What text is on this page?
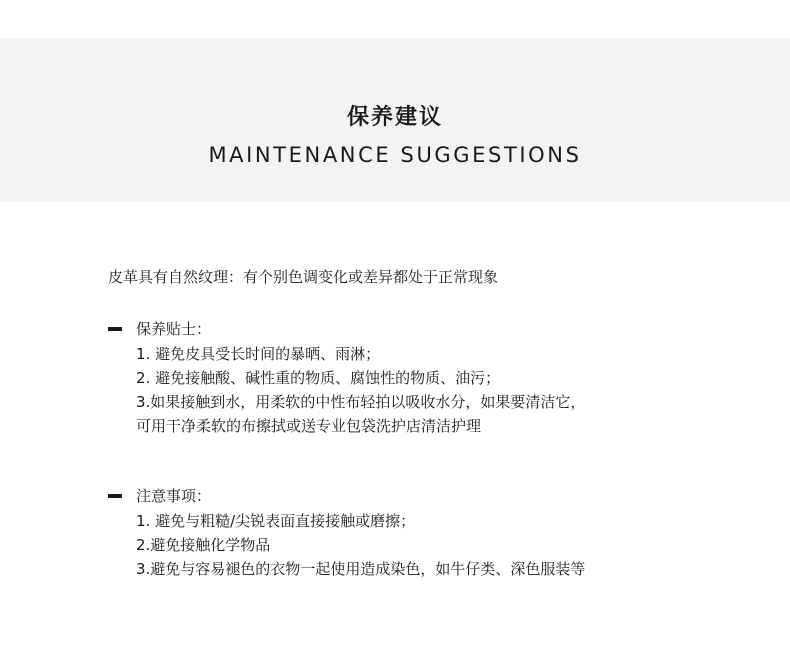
保养建议
MAINTENANCE SUGGESTIONS
皮革具有自然纹理：有个别色调变化或差异都处于正常现象
保养贴士：
1. 避免皮具受长时间的暴晒、雨淋；
2. 避免接触酸、碱性重的物质、腐蚀性的物质、油污；
3.如果接触到水，用柔软的中性布轻拍以吸收水分，如果要清洁它，
可用干净柔软的布擦拭或送专业包袋洗护店清洁护理
注意事项：
1. 避免与粗糙/尖锐表面直接接触或磨擦；
2.避免接触化学物品
3.避免与容易褪色的衣物一起使用造成染色，如牛仔类、深色服装等
